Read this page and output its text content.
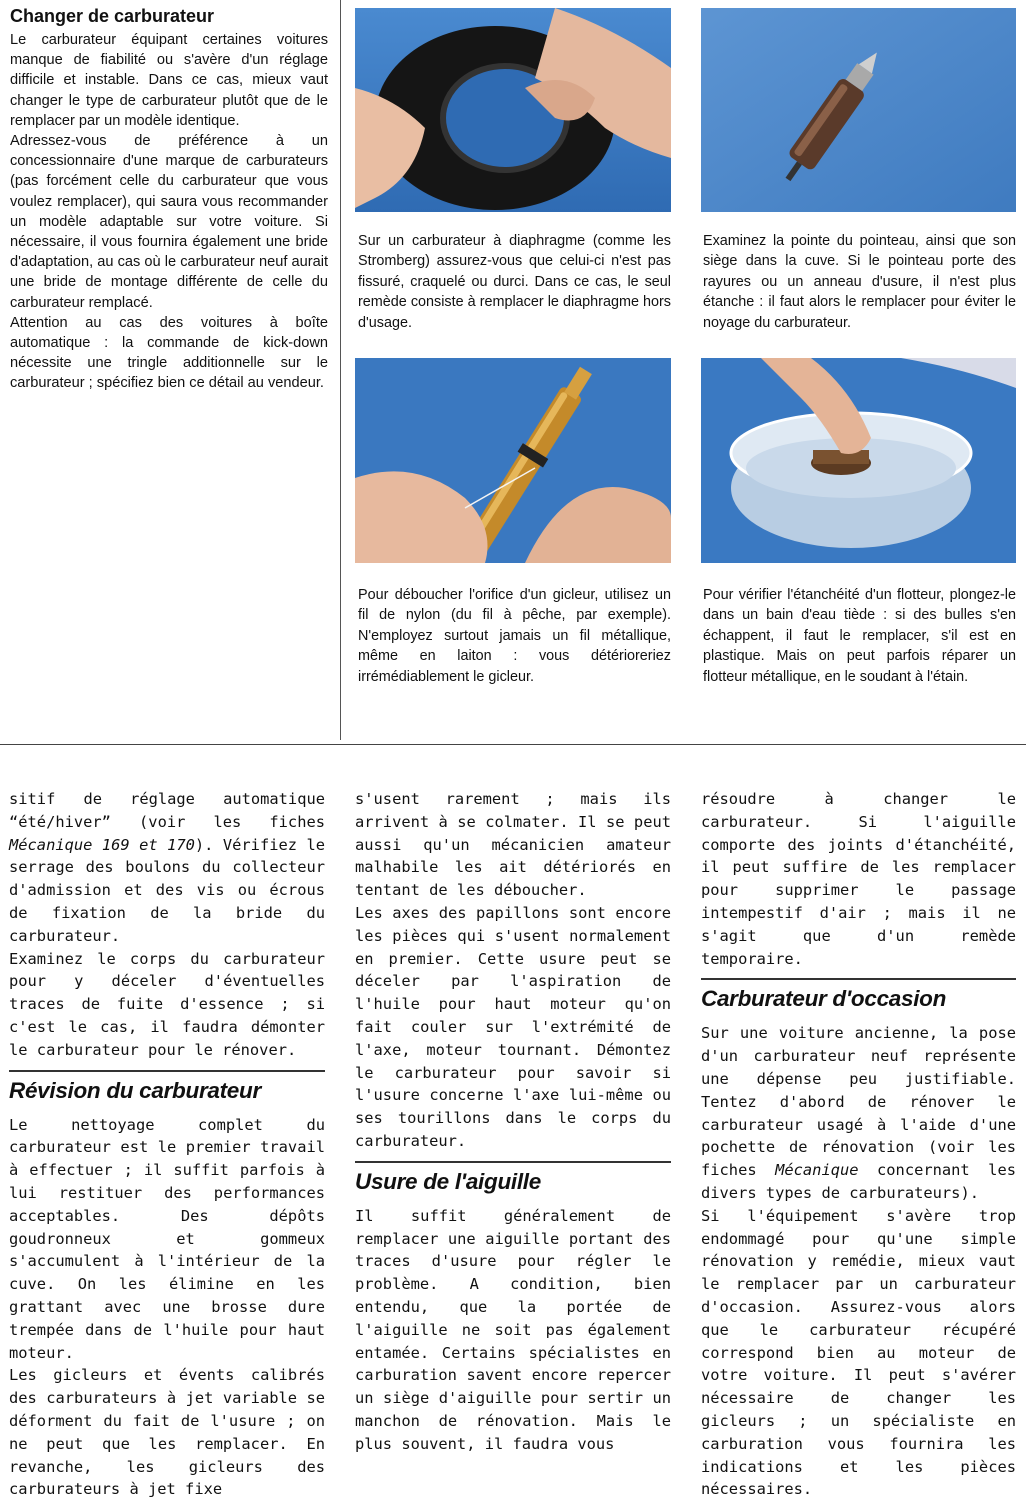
Changer de carburateur

Le carburateur équipant certaines voitures manque de fiabilité ou s'avère d'un réglage difficile et instable. Dans ce cas, mieux vaut changer le type de carburateur plutôt que de le remplacer par un modèle identique.

Adressez-vous de préférence à un concessionnaire d'une marque de carburateurs (pas forcément celle du carburateur que vous voulez remplacer), qui saura vous recommander un modèle adaptable sur votre voiture. Si nécessaire, il vous fournira également une bride d'adaptation, au cas où le carburateur neuf aurait une bride de montage différente de celle du carburateur remplacé.

Attention au cas des voitures à boîte automatique : la commande de kick-down nécessite une tringle additionnelle sur le carburateur ; spécifiez bien ce détail au vendeur.

Sur un carburateur à diaphragme (comme les Stromberg) assurez-vous que celui-ci n'est pas fissuré, craquelé ou durci. Dans ce cas, le seul remède consiste à remplacer le diaphragme hors d'usage.

Examinez la pointe du pointeau, ainsi que son siège dans la cuve. Si le pointeau porte des rayures ou un anneau d'usure, il n'est plus étanche : il faut alors le remplacer pour éviter le noyage du carburateur.

Pour déboucher l'orifice d'un gicleur, utilisez un fil de nylon (du fil à pêche, par exemple). N'employez surtout jamais un fil métallique, même en laiton : vous détérioreriez irrémédiablement le gicleur.

Pour vérifier l'étanchéité d'un flotteur, plongez-le dans un bain d'eau tiède : si des bulles s'en échappent, il faut le remplacer, s'il est en plastique. Mais on peut parfois réparer un flotteur métallique, en le soudant à l'étain.

sitif de réglage automatique “été/hiver” (voir les fiches Mécanique 169 et 170). Vérifiez le serrage des boulons du collecteur d'admission et des vis ou écrous de fixation de la bride du carburateur.

Examinez le corps du carburateur pour y déceler d'éventuelles traces de fuite d'essence ; si c'est le cas, il faudra démonter le carburateur pour le rénover.

Révision du carburateur

Le nettoyage complet du carburateur est le premier travail à effectuer ; il suffit parfois à lui restituer des performances acceptables. Des dépôts goudronneux et gommeux s'accumulent à l'intérieur de la cuve. On les élimine en les grattant avec une brosse dure trempée dans de l'huile pour haut moteur.

Les gicleurs et évents calibrés des carburateurs à jet variable se déforment du fait de l'usure ; on ne peut que les remplacer. En revanche, les gicleurs des carburateurs à jet fixe

s'usent rarement ; mais ils arrivent à se colmater. Il se peut aussi qu'un mécanicien amateur malhabile les ait détériorés en tentant de les déboucher.

Les axes des papillons sont encore les pièces qui s'usent normalement en premier. Cette usure peut se déceler par l'aspiration de l'huile pour haut moteur qu'on fait couler sur l'extrémité de l'axe, moteur tournant. Démontez le carburateur pour savoir si l'usure concerne l'axe lui-même ou ses tourillons dans le corps du carburateur.

Usure de l'aiguille

Il suffit généralement de remplacer une aiguille portant des traces d'usure pour régler le problème. A condition, bien entendu, que la portée de l'aiguille ne soit pas également entamée. Certains spécialistes en carburation savent encore repercer un siège d'aiguille pour sertir un manchon de rénovation. Mais le plus souvent, il faudra vous

résoudre à changer le carburateur. Si l'aiguille comporte des joints d'étanchéité, il peut suffire de les remplacer pour supprimer le passage intempestif d'air ; mais il ne s'agit que d'un remède temporaire.

Carburateur d'occasion

Sur une voiture ancienne, la pose d'un carburateur neuf représente une dépense peu justifiable. Tentez d'abord de rénover le carburateur usagé à l'aide d'une pochette de rénovation (voir les fiches Mécanique concernant les divers types de carburateurs).

Si l'équipement s'avère trop endommagé pour qu'une simple rénovation y remédie, mieux vaut le remplacer par un carburateur d'occasion. Assurez-vous alors que le carburateur récupéré correspond bien au moteur de votre voiture. Il peut s'avérer nécessaire de changer les gicleurs ; un spécialiste en carburation vous fournira les indications et les pièces nécessaires.
